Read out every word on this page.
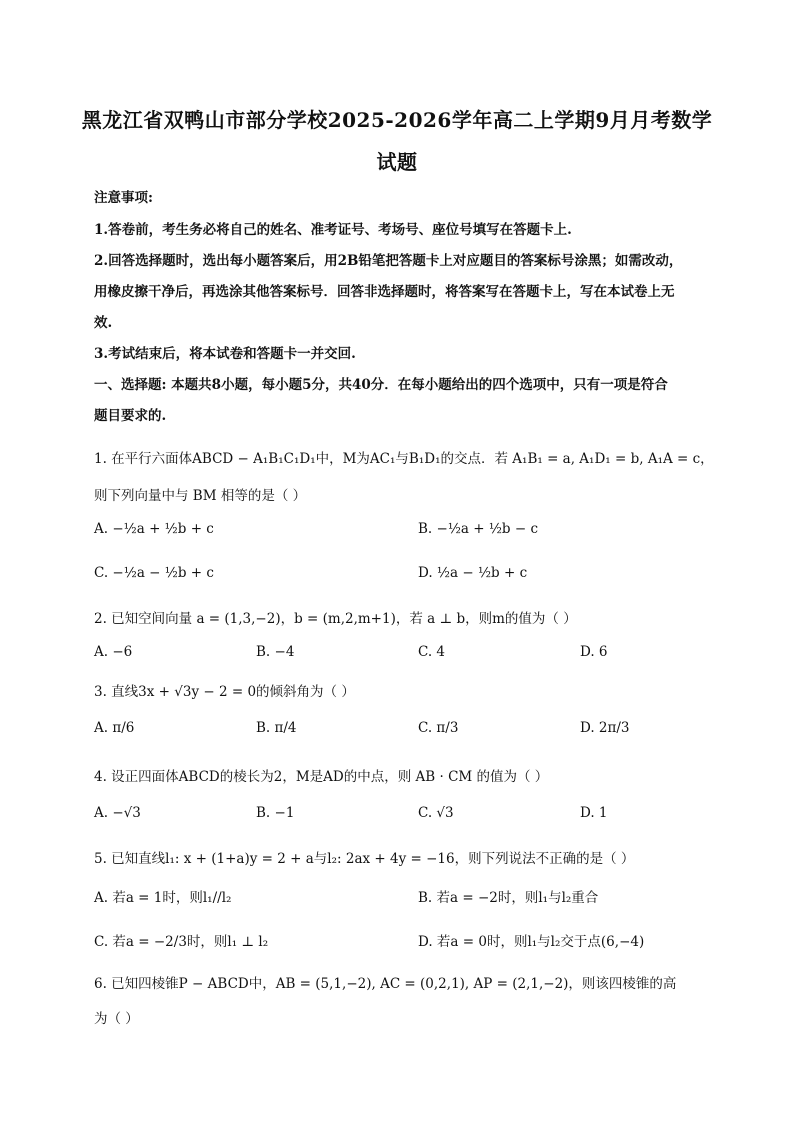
黑龙江省双鸭山市部分学校2025-2026学年高二上学期9月月考数学
试题
注意事项:
1.答卷前，考生务必将自己的姓名、准考证号、考场号、座位号填写在答题卡上.
2.回答选择题时，选出每小题答案后，用2B铅笔把答题卡上对应题目的答案标号涂黑；如需改动，
用橡皮擦干净后，再选涂其他答案标号．回答非选择题时，将答案写在答题卡上，写在本试卷上无
效.
3.考试结束后，将本试卷和答题卡一并交回.
一、选择题: 本题共8小题，每小题5分，共40分．在每小题给出的四个选项中，只有一项是符合
题目要求的.
1. 在平行六面体ABCD − A₁B₁C₁D₁中，M为AC₁与B₁D₁的交点．若 A₁B₁ = a, A₁D₁ = b, A₁A = c，
则下列向量中与 BM 相等的是（ ）
A. −½a + ½b + c	B. −½a + ½b − c
C. −½a − ½b + c	D. ½a − ½b + c
2. 已知空间向量 a = (1,3,−2)，b = (m,2,m+1)，若 a ⊥ b，则m的值为（ ）
A. −6	B. −4	C. 4	D. 6
3. 直线3x + √3y − 2 = 0的倾斜角为（ ）
A. π/6	B. π/4	C. π/3	D. 2π/3
4. 设正四面体ABCD的棱长为2，M是AD的中点，则 AB · CM 的值为（ ）
A. −√3	B. −1	C. √3	D. 1
5. 已知直线l₁: x + (1+a)y = 2 + a与l₂: 2ax + 4y = −16，则下列说法不正确的是（ ）
A. 若a = 1时，则l₁//l₂	B. 若a = −2时，则l₁与l₂重合
C. 若a = −2/3时，则l₁ ⊥ l₂	D. 若a = 0时，则l₁与l₂交于点(6,−4)
6. 已知四棱锥P − ABCD中，AB = (5,1,−2), AC = (0,2,1), AP = (2,1,−2)，则该四棱锥的高
为（ ）
